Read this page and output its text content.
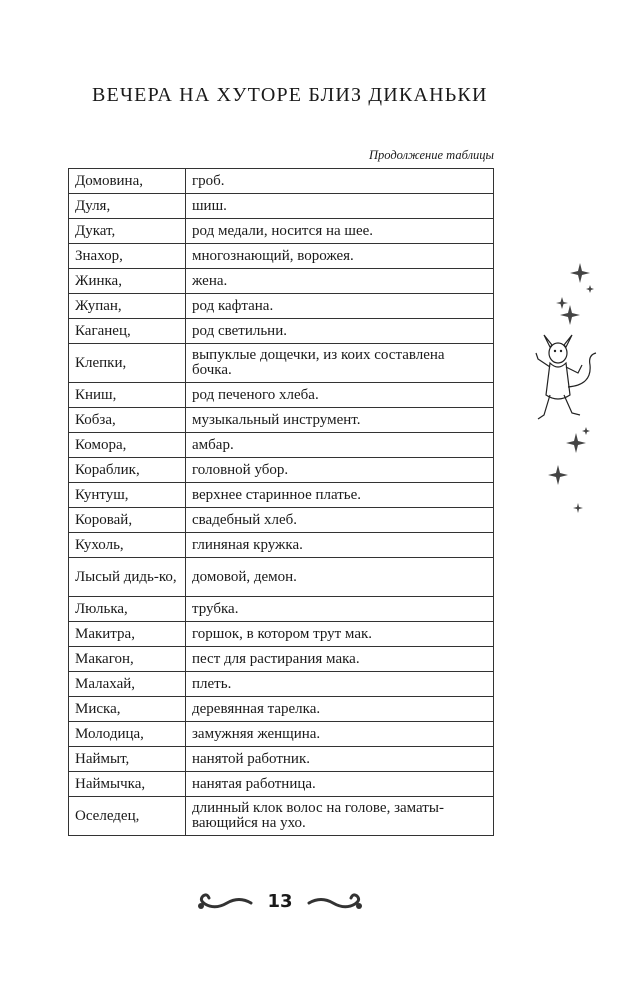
ВЕЧЕРА НА ХУТОРЕ БЛИЗ ДИКАНЬКИ
Продолжение таблицы
Домовина,	гроб.
Дуля,	шиш.
Дукат,	род медали, носится на шее.
Знахор,	многознающий, ворожея.
Жинка,	жена.
Жупан,	род кафтана.
Каганец,	род светильни.
Клепки,	выпуклые дощечки, из коих составлена бочка.
Книш,	род печеного хлеба.
Кобза,	музыкальный инструмент.
Комора,	амбар.
Кораблик,	головной убор.
Кунтуш,	верхнее старинное платье.
Коровай,	свадебный хлеб.
Кухоль,	глиняная кружка.
Лысый дидь-ко,	домовой, демон.
Люлька,	трубка.
Макитра,	горшок, в котором трут мак.
Макагон,	пест для растирания мака.
Малахай,	плеть.
Миска,	деревянная тарелка.
Молодица,	замужняя женщина.
Наймыт,	нанятой работник.
Наймычка,	нанятая работница.
Оселедец,	длинный клок волос на голове, заматы-вающийся на ухо.
13
